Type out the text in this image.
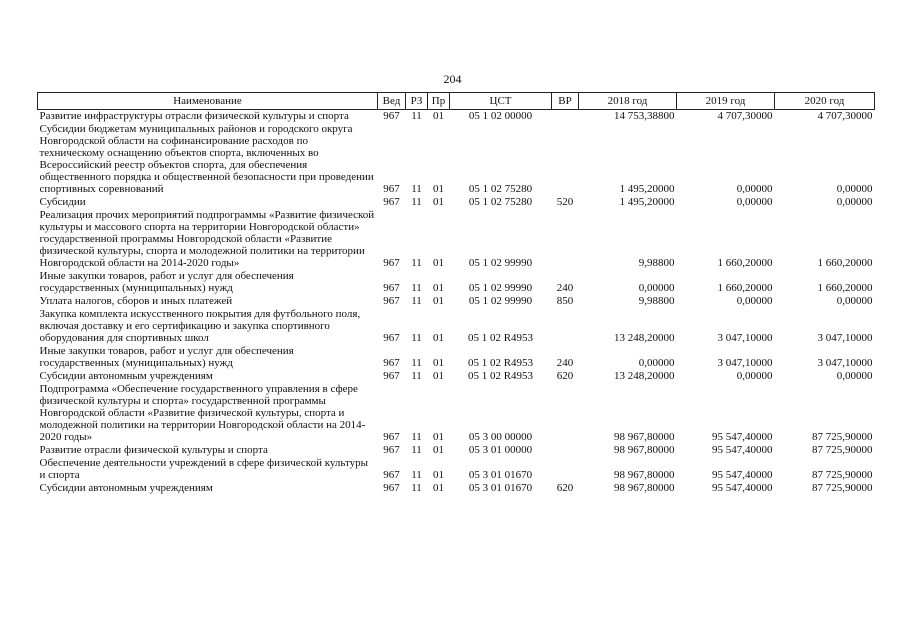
204
Наименование	Вед	РЗ	Пр	ЦСТ	ВР	2018 год	2019 год	2020 год
Развитие инфраструктуры отрасли физической культуры и спорта	967	11	01	05 1 02 00000		14 753,38800	4 707,30000	4 707,30000
Субсидии бюджетам муниципальных районов и городского округа Новгородской области на софинансирование расходов по техническому оснащению объектов спорта, включенных во Всероссийский реестр объектов спорта, для обеспечения общественного порядка и общественной безопасности при проведении спортивных соревнований	967	11	01	05 1 02 75280		1 495,20000	0,00000	0,00000
Субсидии	967	11	01	05 1 02 75280	520	1 495,20000	0,00000	0,00000
Реализация прочих мероприятий подпрограммы «Развитие физической культуры и массового спорта на территории Новгородской области» государственной программы Новгородской области «Развитие физической культуры, спорта и молодежной политики на территории Новгородской области на 2014-2020 годы»	967	11	01	05 1 02 99990		9,98800	1 660,20000	1 660,20000
Иные закупки товаров, работ и услуг для обеспечения государственных (муниципальных) нужд	967	11	01	05 1 02 99990	240	0,00000	1 660,20000	1 660,20000
Уплата налогов, сборов и иных платежей	967	11	01	05 1 02 99990	850	9,98800	0,00000	0,00000
Закупка комплекта искусственного покрытия для футбольного поля, включая доставку и его сертификацию и закупка спортивного оборудования для спортивных школ	967	11	01	05 1 02 R4953		13 248,20000	3 047,10000	3 047,10000
Иные закупки товаров, работ и услуг для обеспечения государственных (муниципальных) нужд	967	11	01	05 1 02 R4953	240	0,00000	3 047,10000	3 047,10000
Субсидии автономным учреждениям	967	11	01	05 1 02 R4953	620	13 248,20000	0,00000	0,00000
Подпрограмма «Обеспечение государственного управления в сфере физической культуры и спорта» государственной программы Новгородской области «Развитие физической культуры, спорта и молодежной политики на территории Новгородской области на 2014-2020 годы»	967	11	01	05 3 00 00000		98 967,80000	95 547,40000	87 725,90000
Развитие отрасли физической культуры и спорта	967	11	01	05 3 01 00000		98 967,80000	95 547,40000	87 725,90000
Обеспечение деятельности учреждений в сфере физической культуры и спорта	967	11	01	05 3 01 01670		98 967,80000	95 547,40000	87 725,90000
Субсидии автономным учреждениям	967	11	01	05 3 01 01670	620	98 967,80000	95 547,40000	87 725,90000
